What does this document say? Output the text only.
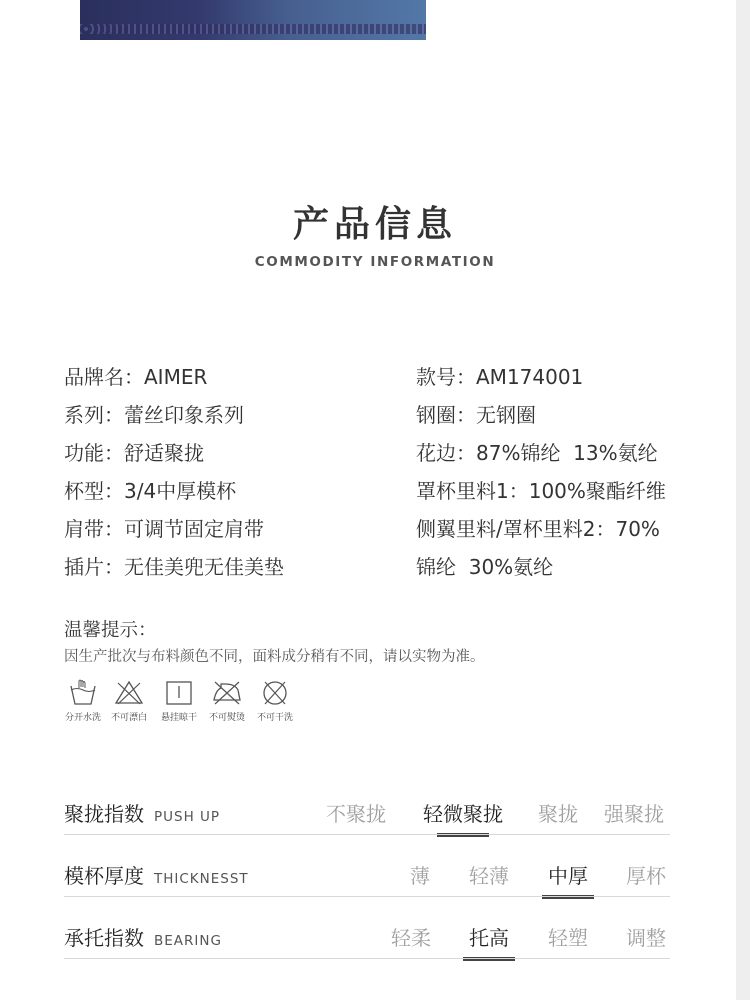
产品信息
COMMODITY INFORMATION
品牌名 ： AIMER
系列 ： 蕾丝印象系列
功能 ： 舒适聚拢
杯型 ： 3/4中厚模杯
肩带 ： 可调节固定肩带
插片 ： 无佳美兜无佳美垫
款号 ： AM174001
钢圈 ： 无钢圈
花边 ： 87%锦纶  13%氨纶
罩杯里料1 ： 100%聚酯纤维
侧翼里料/罩杯里料2 ： 70%
锦纶  30%氨纶
温馨提示：
因生产批次与布料颜色不同，面料成分稍有不同，请以实物为准。
分开水洗	不可漂白	悬挂晾干	不可熨烫	不可干洗
聚拢指数 PUSH UP	不聚拢 轻微聚拢 聚拢 强聚拢
模杯厚度 THICKNESST	薄 轻薄 中厚 厚杯
承托指数 BEARING	轻柔 托高 轻塑 调整
